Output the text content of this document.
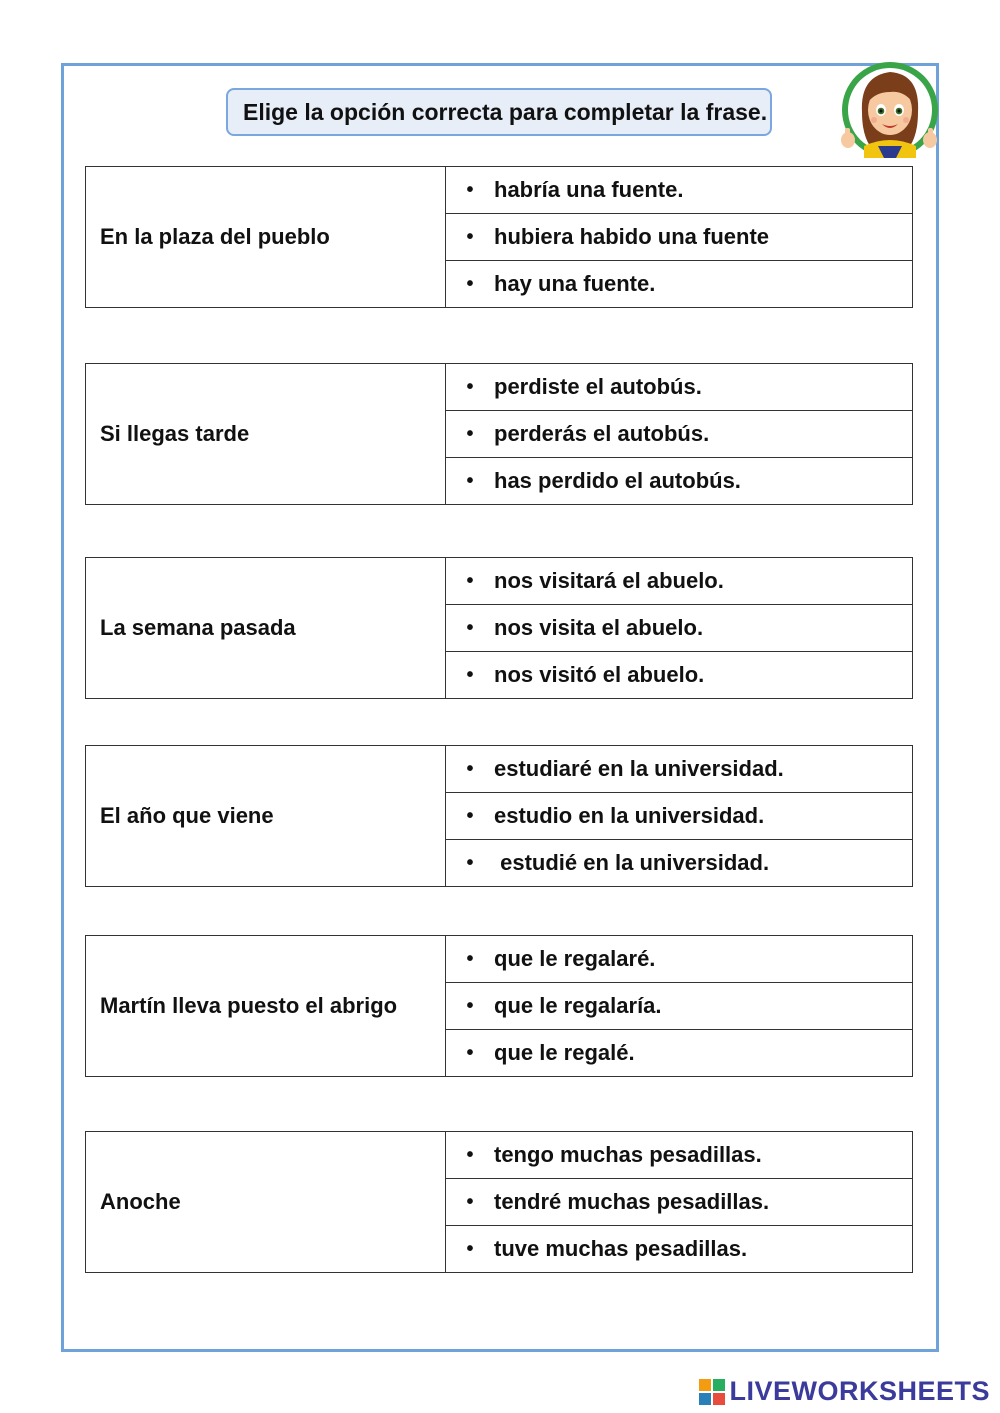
Elige la opción correcta para completar la frase.
En la plaza del pueblo	
• habría una fuente.

• hubiera habido una fuente

• hay una fuente.
Si llegas tarde	
• perdiste el autobús.

• perderás el autobús.

• has perdido el autobús.
La semana pasada	
• nos visitará el abuelo.

• nos visita el abuelo.

• nos visitó el abuelo.
El año que viene	
• estudiaré en la universidad.

• estudio en la universidad.

• estudié en la universidad.
Martín lleva puesto el abrigo	
• que le regalaré.

• que le regalaría.

• que le regalé.
Anoche	
• tengo muchas pesadillas.

• tendré muchas pesadillas.

• tuve muchas pesadillas.
LIVEWORKSHEETS
